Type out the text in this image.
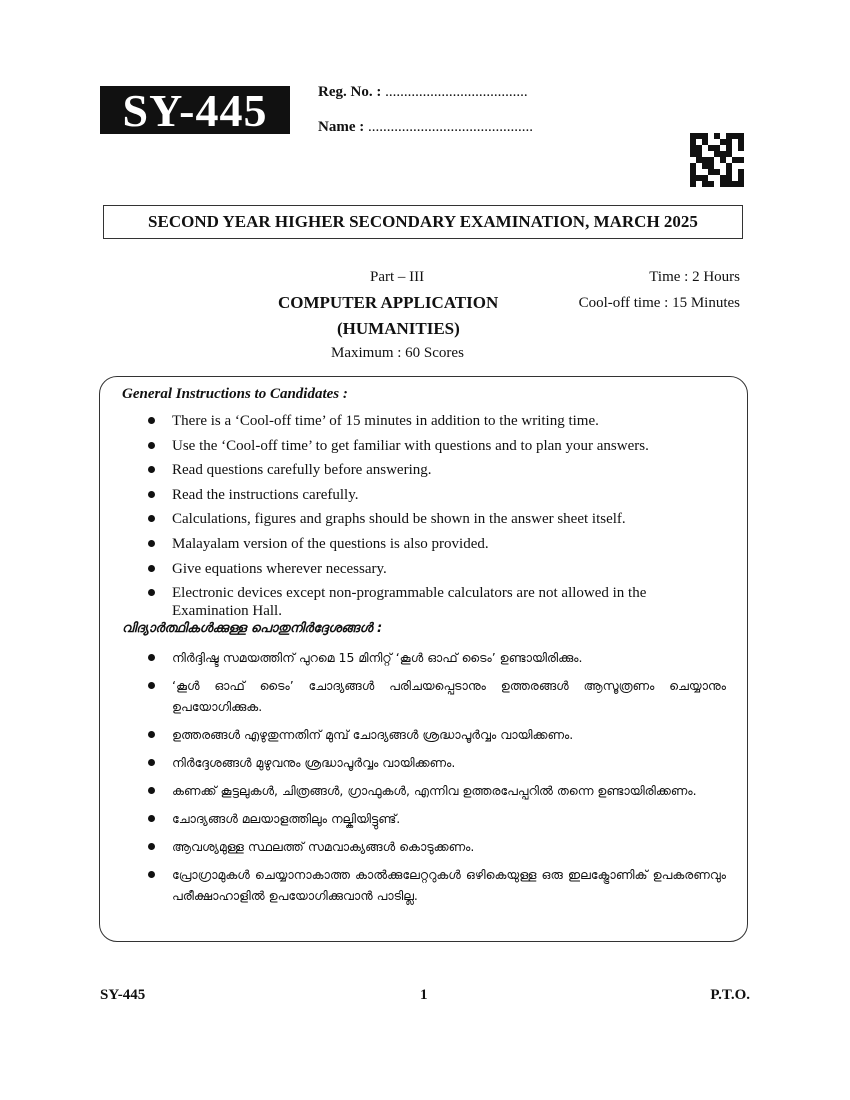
SY-445	Reg. No. : ......................................
Name : ............................................
SECOND YEAR HIGHER SECONDARY EXAMINATION, MARCH 2025
Part – III	Time : 2 Hours
COMPUTER APPLICATION	Cool-off time : 15 Minutes
(HUMANITIES)
Maximum : 60 Scores
General Instructions to Candidates :
There is a ‘Cool-off time’ of 15 minutes in addition to the writing time.
Use the ‘Cool-off time’ to get familiar with questions and to plan your answers.
Read questions carefully before answering.
Read the instructions carefully.
Calculations, figures and graphs should be shown in the answer sheet itself.
Malayalam version of the questions is also provided.
Give equations wherever necessary.
Electronic devices except non-programmable calculators are not allowed in the Examination Hall.
വിദ്യാർത്ഥികൾക്കുള്ള പൊതുനിർദ്ദേശങ്ങൾ :
നിർദ്ദിഷ്ട സമയത്തിന് പുറമെ 15 മിനിറ്റ് ‘കൂൾ ഓഫ് ടൈം’ ഉണ്ടായിരിക്കും.
‘കൂൾ ഓഫ് ടൈം’ ചോദ്യങ്ങൾ പരിചയപ്പെടാനും ഉത്തരങ്ങൾ ആസൂത്രണം ചെയ്യാനും ഉപയോഗിക്കുക.
ഉത്തരങ്ങൾ എഴുതുന്നതിന് മുമ്പ് ചോദ്യങ്ങൾ ശ്രദ്ധാപൂർവ്വം വായിക്കണം.
നിർദ്ദേശങ്ങൾ മുഴുവനും ശ്രദ്ധാപൂർവ്വം വായിക്കണം.
കണക്ക് കൂട്ടലുകൾ, ചിത്രങ്ങൾ, ഗ്രാഫുകൾ, എന്നിവ ഉത്തരപേപ്പറിൽ തന്നെ ഉണ്ടായിരിക്കണം.
ചോദ്യങ്ങൾ മലയാളത്തിലും നല്കിയിട്ടുണ്ട്.
ആവശ്യമുള്ള സ്ഥലത്ത് സമവാക്യങ്ങൾ കൊടുക്കണം.
പ്രോഗ്രാമുകൾ ചെയ്യാനാകാത്ത കാൽക്കുലേറ്ററുകൾ ഒഴികെയുള്ള ഒരു ഇലക്ട്രോണിക് ഉപകരണവും പരീക്ഷാഹാളിൽ ഉപയോഗിക്കുവാൻ പാടില്ല.
SY-445	1	P.T.O.
